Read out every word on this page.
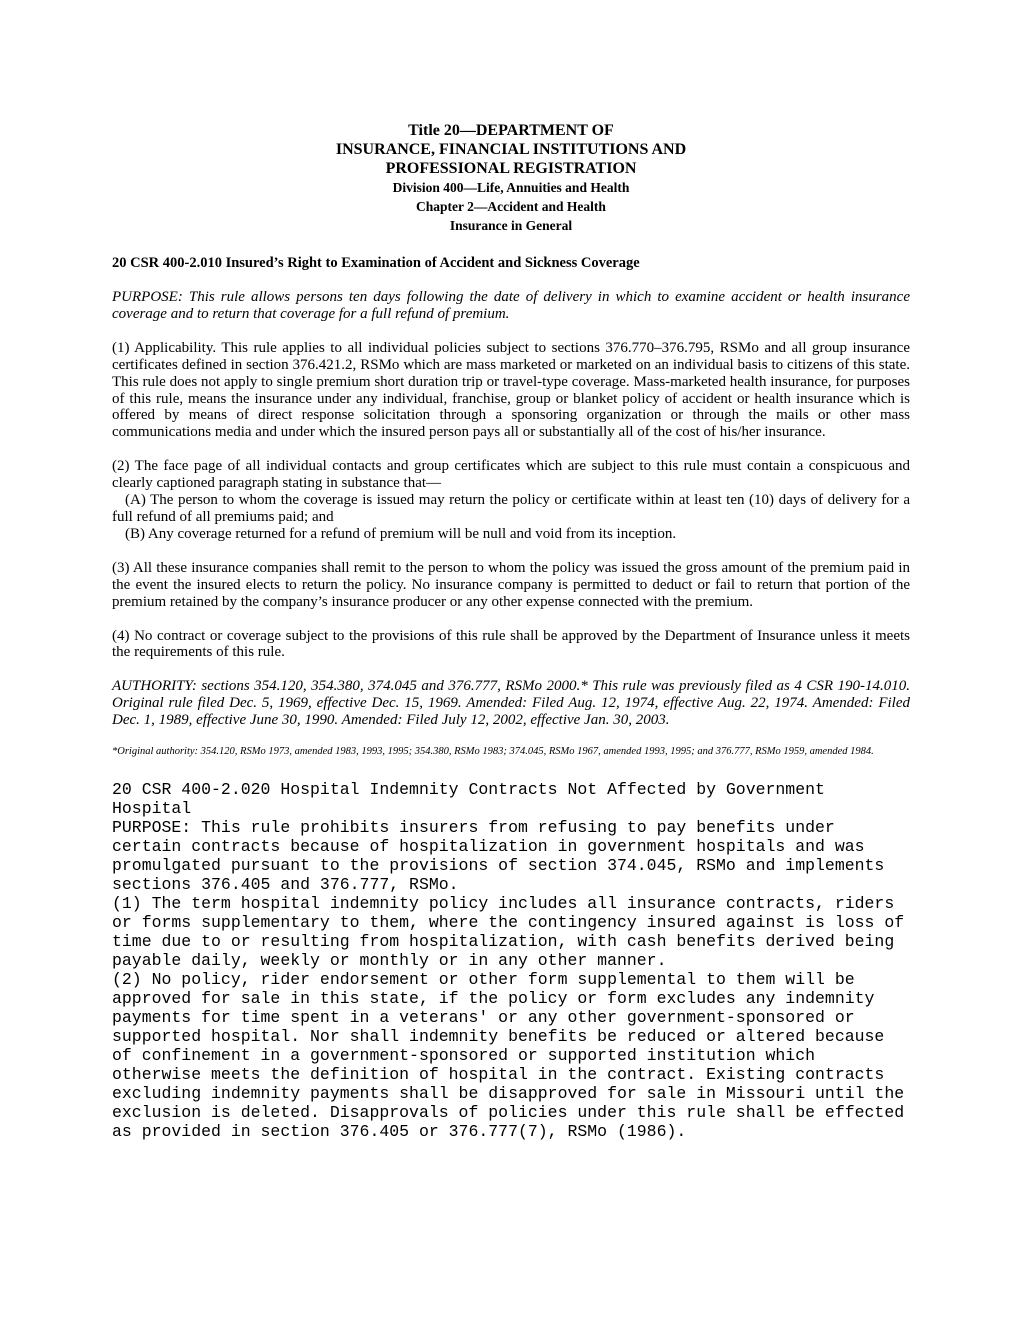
Title 20—DEPARTMENT OF
INSURANCE, FINANCIAL INSTITUTIONS AND
PROFESSIONAL REGISTRATION
Division 400—Life, Annuities and Health
Chapter 2—Accident and Health
Insurance in General
20 CSR 400-2.010 Insured’s Right to Examination of Accident and Sickness Coverage

PURPOSE: This rule allows persons ten days following the date of delivery in which to examine accident or health insurance coverage and to return that coverage for a full refund of premium.

(1) Applicability. This rule applies to all individual policies subject to sections 376.770–376.795, RSMo and all group insurance certificates defined in section 376.421.2, RSMo which are mass marketed or marketed on an individual basis to citizens of this state. This rule does not apply to single premium short duration trip or travel-type coverage. Mass-marketed health insurance, for purposes of this rule, means the insurance under any individual, franchise, group or blanket policy of accident or health insurance which is offered by means of direct response solicitation through a sponsoring organization or through the mails or other mass communications media and under which the insured person pays all or substantially all of the cost of his/her insurance.

(2) The face page of all individual contacts and group certificates which are subject to this rule must contain a conspicuous and clearly captioned paragraph stating in substance that—

(A) The person to whom the coverage is issued may return the policy or certificate within at least ten (10) days of delivery for a full refund of all premiums paid; and

(B) Any coverage returned for a refund of premium will be null and void from its inception.

(3) All these insurance companies shall remit to the person to whom the policy was issued the gross amount of the premium paid in the event the insured elects to return the policy. No insurance company is permitted to deduct or fail to return that portion of the premium retained by the company’s insurance producer or any other expense connected with the premium.

(4) No contract or coverage subject to the provisions of this rule shall be approved by the Department of Insurance unless it meets the requirements of this rule.

AUTHORITY: sections 354.120, 354.380, 374.045 and 376.777, RSMo 2000.* This rule was previously filed as 4 CSR 190-14.010. Original rule filed Dec. 5, 1969, effective Dec. 15, 1969. Amended: Filed Aug. 12, 1974, effective Aug. 22, 1974. Amended: Filed Dec. 1, 1989, effective June 30, 1990. Amended: Filed July 12, 2002, effective Jan. 30, 2003.

*Original authority: 354.120, RSMo 1973, amended 1983, 1993, 1995; 354.380, RSMo 1983; 374.045, RSMo 1967, amended 1993, 1995; and 376.777, RSMo 1959, amended 1984.

20 CSR 400-2.020 Hospital Indemnity Contracts Not Affected by Government Hospital
PURPOSE: This rule prohibits insurers from refusing to pay benefits under certain contracts because of hospitalization in government hospitals and was promulgated pursuant to the provisions of section 374.045, RSMo and implements sections 376.405 and 376.777, RSMo.
(1) The term hospital indemnity policy includes all insurance contracts, riders or forms supplementary to them, where the contingency insured against is loss of time due to or resulting from hospitalization, with cash benefits derived being payable daily, weekly or monthly or in any other manner.
(2) No policy, rider endorsement or other form supplemental to them will be approved for sale in this state, if the policy or form excludes any indemnity payments for time spent in a veterans' or any other government-sponsored or supported hospital. Nor shall indemnity benefits be reduced or altered because of confinement in a government-sponsored or supported institution which otherwise meets the definition of hospital in the contract. Existing contracts excluding indemnity payments shall be disapproved for sale in Missouri until the exclusion is deleted. Disapprovals of policies under this rule shall be effected as provided in section 376.405 or 376.777(7), RSMo (1986).
